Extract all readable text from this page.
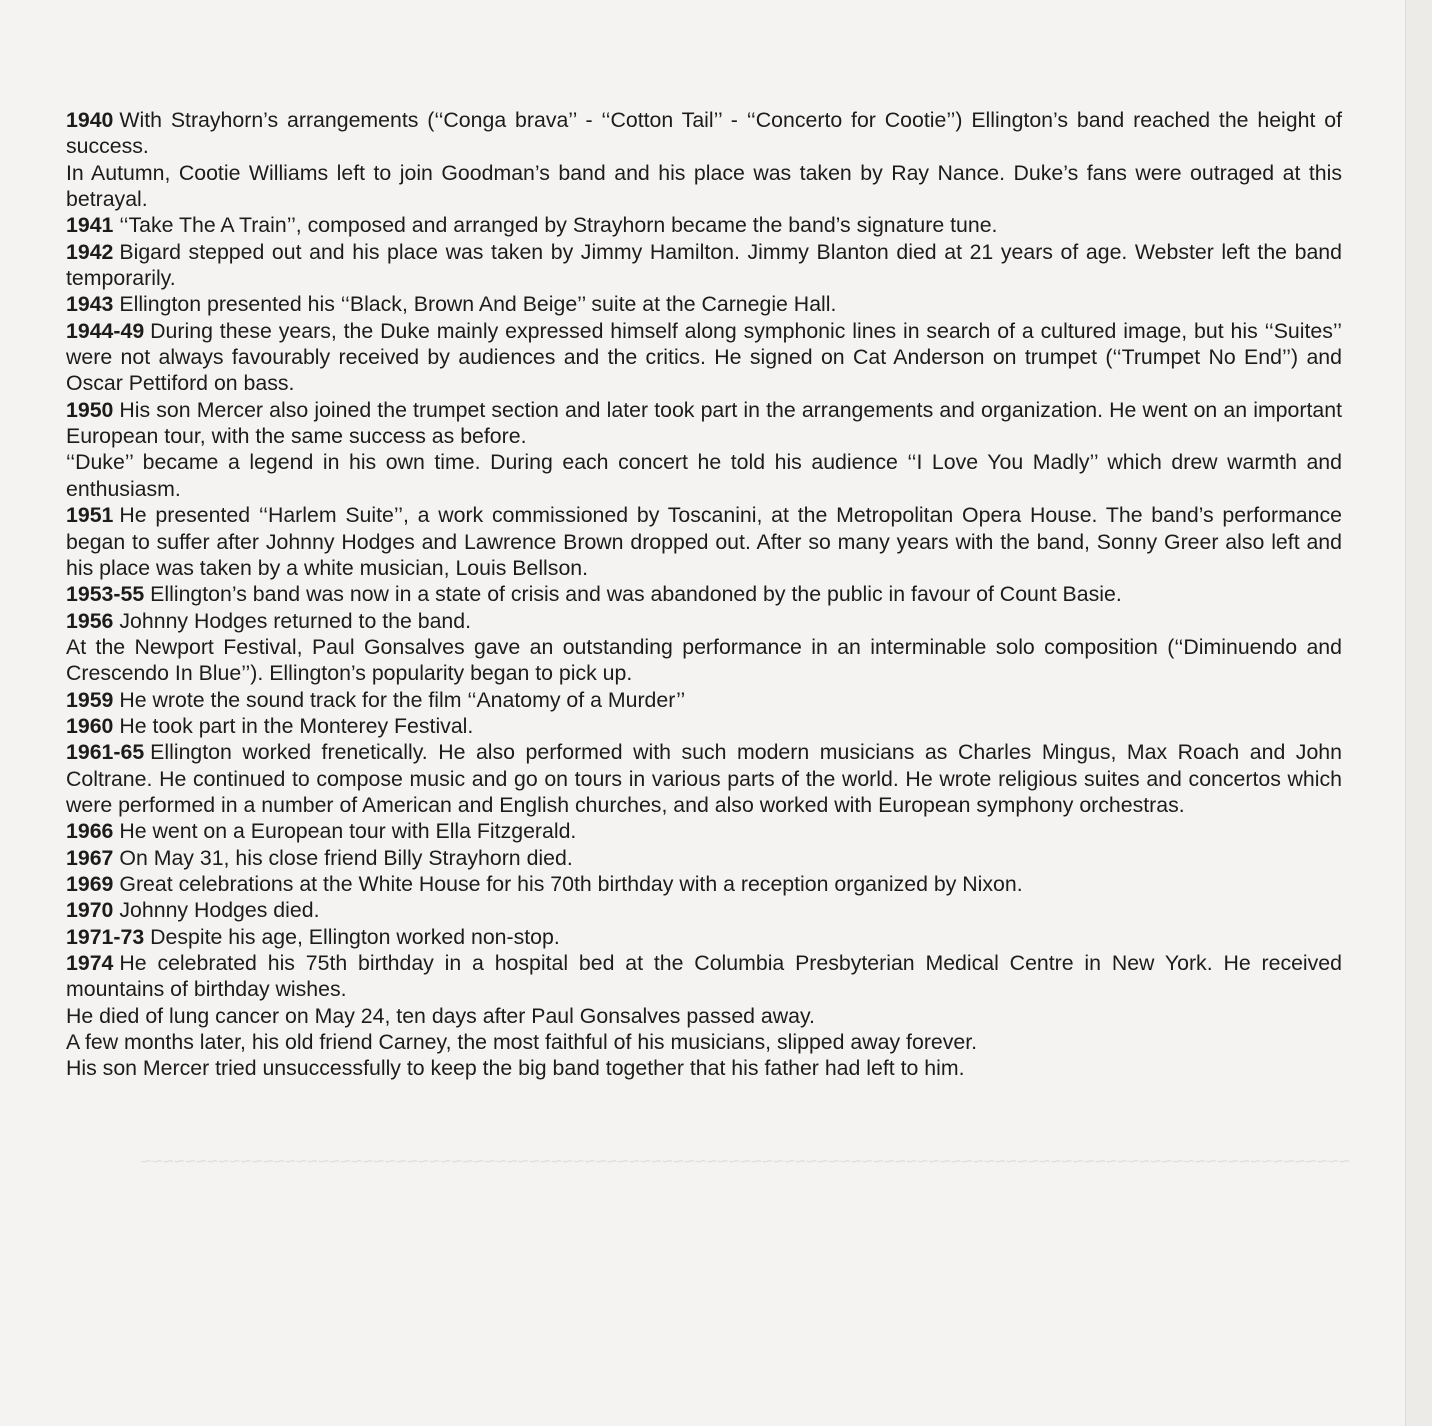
~~~~~~~~~~~~~~~~~~~~~~~~~~~~~~~~~~~~~~~~~~~~~~~~~~~~~~~~~~~~~~~~~~~~~~~~~~~~~~~~~~~~~~~~~~~~~~~~~~~~~~~~~~~~~

1940 With Strayhorn’s arrangements (‘‘Conga brava’’ - ‘‘Cotton Tail’’ - ‘‘Concerto for Cootie’’) Ellington’s band reached the height of success.

In Autumn, Cootie Williams left to join Goodman’s band and his place was taken by Ray Nance. Duke’s fans were outraged at this betrayal.

1941 ‘‘Take The A Train’’, composed and arranged by Strayhorn became the band’s signature tune.

1942 Bigard stepped out and his place was taken by Jimmy Hamilton. Jimmy Blanton died at 21 years of age. Webster left the band temporarily.

1943 Ellington presented his ‘‘Black, Brown And Beige’’ suite at the Carnegie Hall.

1944-49 During these years, the Duke mainly expressed himself along symphonic lines in search of a cultured image, but his ‘‘Suites’’ were not always favourably received by audiences and the critics. He signed on Cat Anderson on trumpet (‘‘Trumpet No End’’) and Oscar Pettiford on bass.

1950 His son Mercer also joined the trumpet section and later took part in the arrangements and organization. He went on an important European tour, with the same success as before.

‘‘Duke’’ became a legend in his own time. During each concert he told his audience ‘‘I Love You Madly’’ which drew warmth and enthusiasm.

1951 He presented ‘‘Harlem Suite’’, a work commissioned by Toscanini, at the Metropolitan Opera House. The band’s performance began to suffer after Johnny Hodges and Lawrence Brown dropped out. After so many years with the band, Sonny Greer also left and his place was taken by a white musician, Louis Bellson.

1953-55 Ellington’s band was now in a state of crisis and was abandoned by the public in favour of Count Basie.

1956 Johnny Hodges returned to the band.

At the Newport Festival, Paul Gonsalves gave an outstanding performance in an interminable solo composition (‘‘Diminuendo and Crescendo In Blue’’). Ellington’s popularity began to pick up.

1959 He wrote the sound track for the film ‘‘Anatomy of a Murder’’

1960 He took part in the Monterey Festival.

1961-65 Ellington worked frenetically. He also performed with such modern musicians as Charles Mingus, Max Roach and John Coltrane. He continued to compose music and go on tours in various parts of the world. He wrote religious suites and concertos which were performed in a number of American and English churches, and also worked with European symphony orchestras.

1966 He went on a European tour with Ella Fitzgerald.

1967 On May 31, his close friend Billy Strayhorn died.

1969 Great celebrations at the White House for his 70th birthday with a reception organized by Nixon.

1970 Johnny Hodges died.

1971-73 Despite his age, Ellington worked non-stop.

1974 He celebrated his 75th birthday in a hospital bed at the Columbia Presbyterian Medical Centre in New York. He received mountains of birthday wishes.

He died of lung cancer on May 24, ten days after Paul Gonsalves passed away.

A few months later, his old friend Carney, the most faithful of his musicians, slipped away forever.

His son Mercer tried unsuccessfully to keep the big band together that his father had left to him.
